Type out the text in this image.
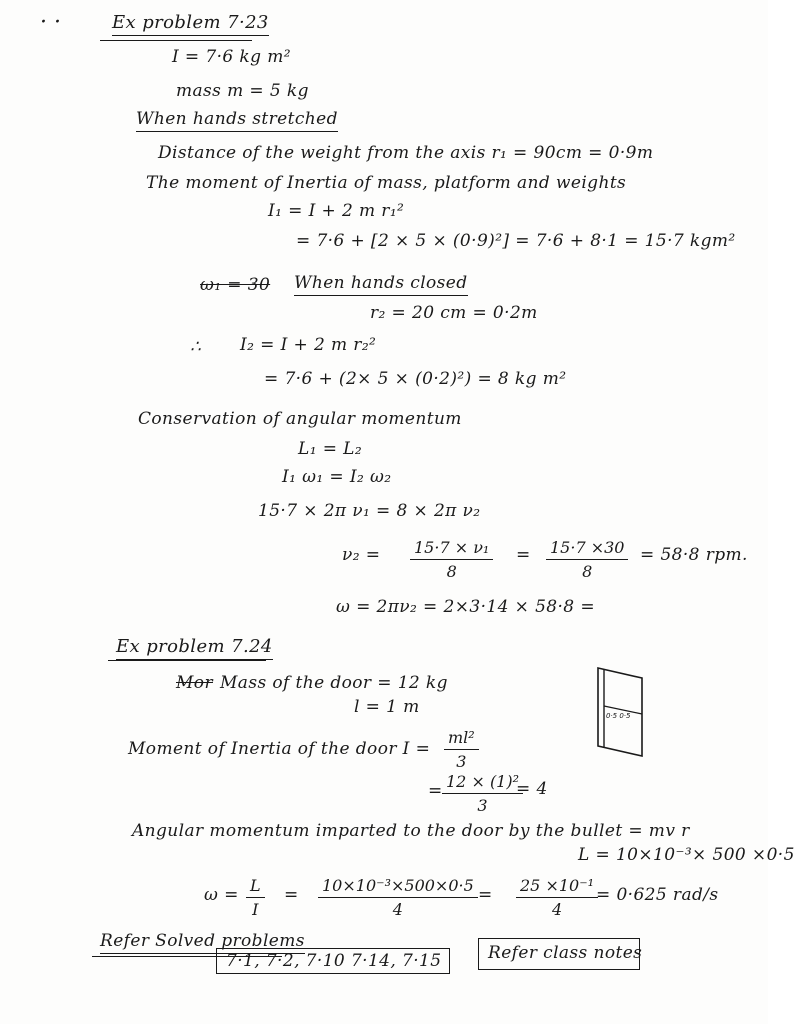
· ·	Ex problem 7·23
I = 7·6 kg m²
mass m = 5 kg
When hands stretched
Distance of the weight from the axis r₁ = 90cm = 0·9m
The moment of Inertia of mass, platform and weights
I₁ = I + 2 m r₁²
= 7·6 + [2 × 5 × (0·9)²] = 7·6 + 8·1 = 15·7 kgm²
ω₁ = 30 When hands closed
r₂ = 20 cm = 0·2m
∴ I₂ = I + 2 m r₂²
= 7·6 + (2× 5 × (0·2)²) = 8 kg m²
Conservation of angular momentum
L₁ = L₂
I₁ ω₁ = I₂ ω₂
15·7 × 2π ν₁ = 8 × 2π ν₂
$\nu_2 = \frac{\text{15·7 × ν₁}}{8} = \frac{15\cdot 7 \times 30}{8} = 58\cdot 8$ rpm.
ω = 2πν₂ = 2×3·14 × 58·8 =
Ex problem 7.24
Mor Mass of the door = 12 kg
l = 1 m
Moment of Inertia of the door $I = \frac{\text{ml²}}{3}$
= $\frac{\text{12 × (1)²}}{3}$
= 4
Angular momentum imparted to the door by the bullet = mv r
L = 10×10⁻³× 500 ×0·5
$\omega = \frac{L}{I} = \frac{\text{10×10⁻³×500×0·5}}{4} = \frac{\text{25 ×10⁻¹}}{4}$
= 0·625 rad/s
0·5 0·5
Refer Solved problems
7·1, 7·2, 7·10 7·14, 7·15	Refer class notes
